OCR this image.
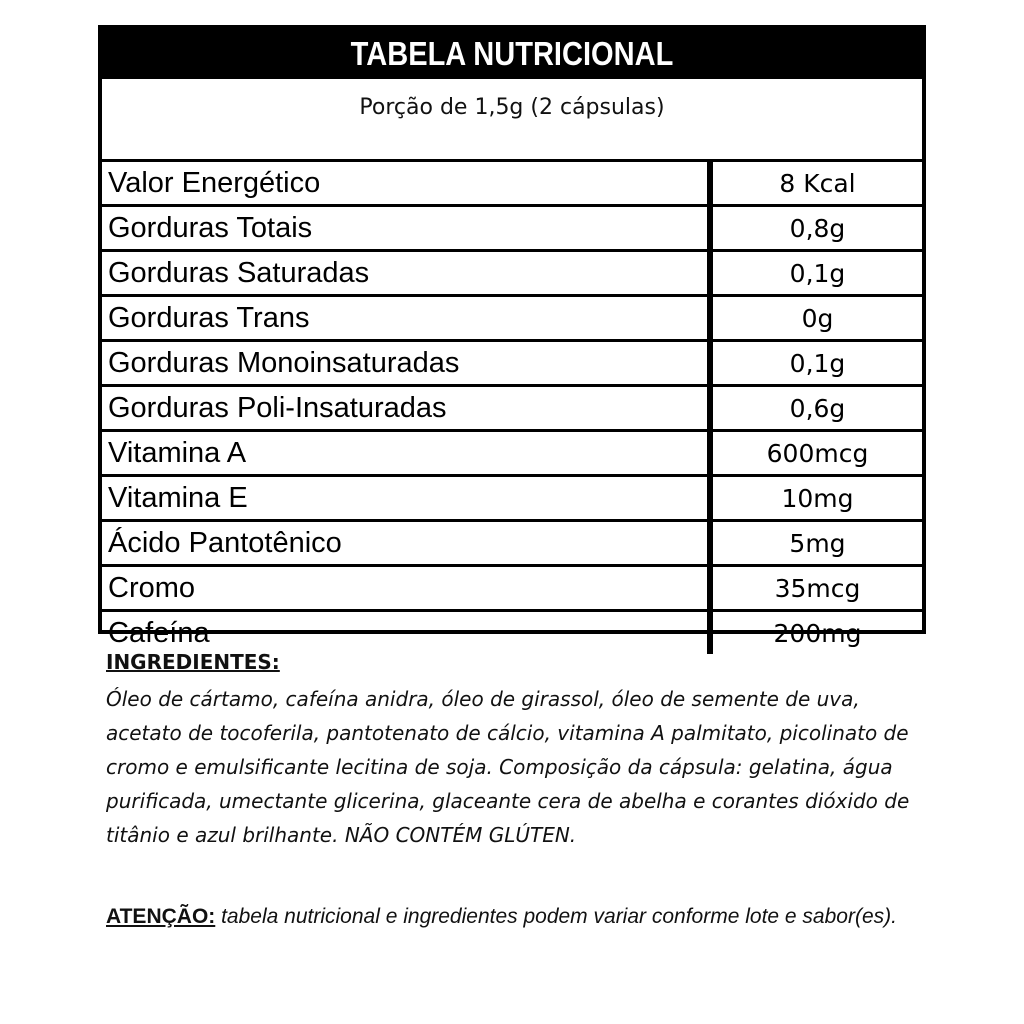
TABELA NUTRICIONAL
Porção de 1,5g (2 cápsulas)
Valor Energético	8 Kcal
Gorduras Totais	0,8g
Gorduras Saturadas	0,1g
Gorduras Trans	0g
Gorduras Monoinsaturadas	0,1g
Gorduras Poli-Insaturadas	0,6g
Vitamina A	600mcg
Vitamina E	10mg
Ácido Pantotênico	5mg
Cromo	35mcg
Cafeína	200mg

INGREDIENTES:

Óleo de cártamo, cafeína anidra, óleo de girassol, óleo de semente de uva, acetato de tocoferila, pantotenato de cálcio, vitamina A palmitato, picolinato de cromo e emulsificante lecitina de soja. Composição da cápsula: gelatina, água purificada, umectante glicerina, glaceante cera de abelha e corantes dióxido de titânio e azul brilhante. NÃO CONTÉM GLÚTEN.

ATENÇÃO: tabela nutricional e ingredientes podem variar conforme lote e sabor(es).
